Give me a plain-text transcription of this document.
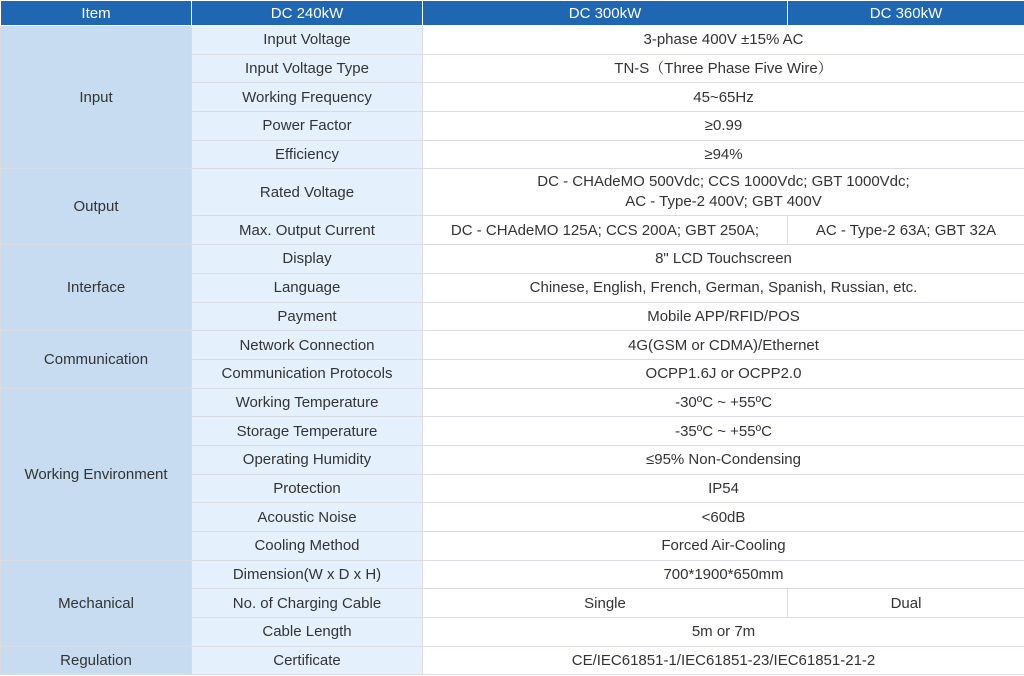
Item	DC 240kW	DC 300kW	DC 360kW
Input	Input Voltage	3-phase 400V ±15% AC	
	Input Voltage Type	TN-S（Three Phase Five Wire）	
	Working Frequency	45~65Hz	
	Power Factor	≥0.99	
	Efficiency	≥94%	
Output	Rated Voltage	DC - CHAdeMO 500Vdc; CCS 1000Vdc; GBT 1000Vdc;
AC - Type-2 400V; GBT 400V	

	Max. Output Current	DC - CHAdeMO 125A; CCS 200A; GBT 250A;	AC - Type-2 63A; GBT 32A
Interface	Display	8" LCD Touchscreen	
	Language	Chinese, English, French, German, Spanish, Russian, etc.	
	Payment	Mobile APP/RFID/POS	
Communication	Network Connection	4G(GSM or CDMA)/Ethernet	
	Communication Protocols	OCPP1.6J or OCPP2.0	
Working Environment	Working Temperature	-30ºC ~ +55ºC	
	Storage Temperature	-35ºC ~ +55ºC	
	Operating Humidity	≤95% Non-Condensing	
	Protection	IP54	
	Acoustic Noise	<60dB	
	Cooling Method	Forced Air-Cooling	
Mechanical	Dimension(W x D x H)	700*1900*650mm	
	No. of Charging Cable	Single	Dual
	Cable Length	5m or 7m	
Regulation	Certificate	CE/IEC61851-1/IEC61851-23/IEC61851-21-2	
